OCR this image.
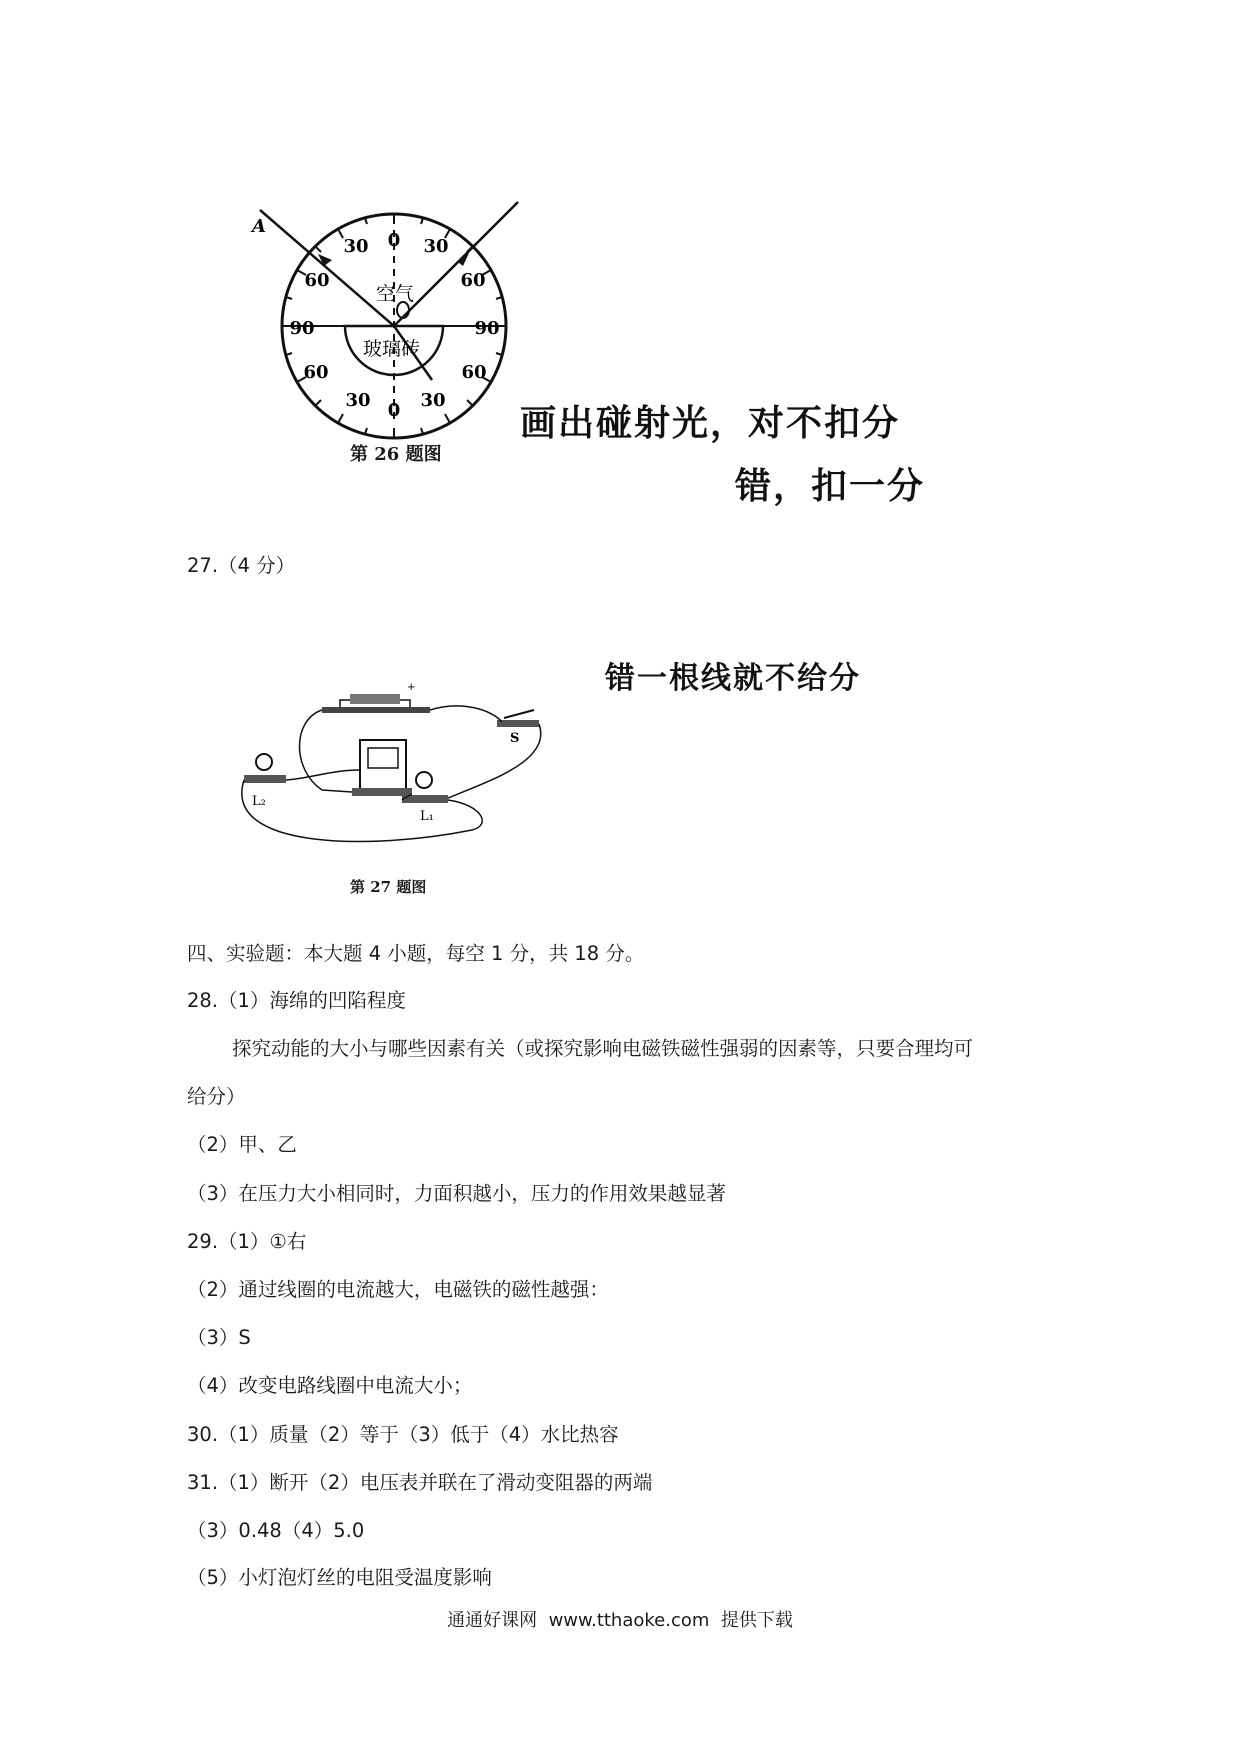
A
空气
玻璃砖
30 0 30
60	60
90	90
60	60
30 0 30
第 26 题图
画出碰射光，对不扣分
错，扣一分
27.（4 分）
错一根线就不给分
+
S
L₂
L₁
第 27 题图
四、实验题：本大题 4 小题，每空 1 分，共 18 分。
28.（1）海绵的凹陷程度
探究动能的大小与哪些因素有关（或探究影响电磁铁磁性强弱的因素等，只要合理均可
给分）
（2）甲、乙
（3）在压力大小相同时，力面积越小，压力的作用效果越显著
29.（1）①右
（2）通过线圈的电流越大，电磁铁的磁性越强：
（3）S
（4）改变电路线圈中电流大小；
30.（1）质量（2）等于（3）低于（4）水比热容
31.（1）断开（2）电压表并联在了滑动变阻器的两端
（3）0.48（4）5.0
（5）小灯泡灯丝的电阻受温度影响
通通好课网  www.tthaoke.com  提供下载
